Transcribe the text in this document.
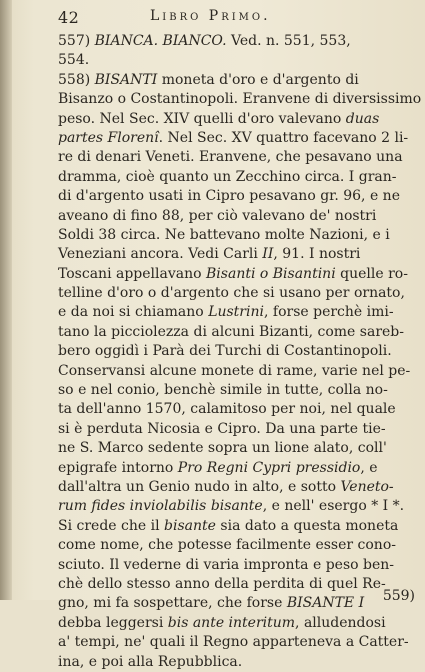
42	Libro Primo.
557) BIANCA. BIANCO. Ved. n. 551, 553,
554.
558) BISANTI moneta d'oro e d'argento di
Bisanzo o Costantinopoli. Eranvene di diversissimo
peso. Nel Sec. XIV quelli d'oro valevano duas
partes Florenî. Nel Sec. XV quattro facevano 2 li-
re di denari Veneti. Eranvene, che pesavano una
dramma, cioè quanto un Zecchino circa. I gran-
di d'argento usati in Cipro pesavano gr. 96, e ne
aveano di fino 88, per ciò valevano de' nostri
Soldi 38 circa. Ne battevano molte Nazioni, e i
Veneziani ancora. Vedi Carli II, 91. I nostri
Toscani appellavano Bisanti o Bisantini quelle ro-
telline d'oro o d'argento che si usano per ornato,
e da noi si chiamano Lustrini, forse perchè imi-
tano la picciolezza di alcuni Bizanti, come sareb-
bero oggidì i Parà dei Turchi di Costantinopoli.
Conservansi alcune monete di rame, varie nel pe-
so e nel conio, benchè simile in tutte, colla no-
ta dell'anno 1570, calamitoso per noi, nel quale
si è perduta Nicosia e Cipro. Da una parte tie-
ne S. Marco sedente sopra un lione alato, coll'
epigrafe intorno Pro Regni Cypri pressidio, e
dall'altra un Genio nudo in alto, e sotto Veneto-
rum fides inviolabilis bisante, e nell' esergo * I *.
Si crede che il bisante sia dato a questa moneta
come nome, che potesse facilmente esser cono-
sciuto. Il vederne di varia impronta e peso ben-
chè dello stesso anno della perdita di quel Re-
gno, mi fa sospettare, che forse BISANTE I
debba leggersi bis ante interitum, alludendosi
a' tempi, ne' quali il Regno apparteneva a Catter-
ina, e poi alla Repubblica.
559)
